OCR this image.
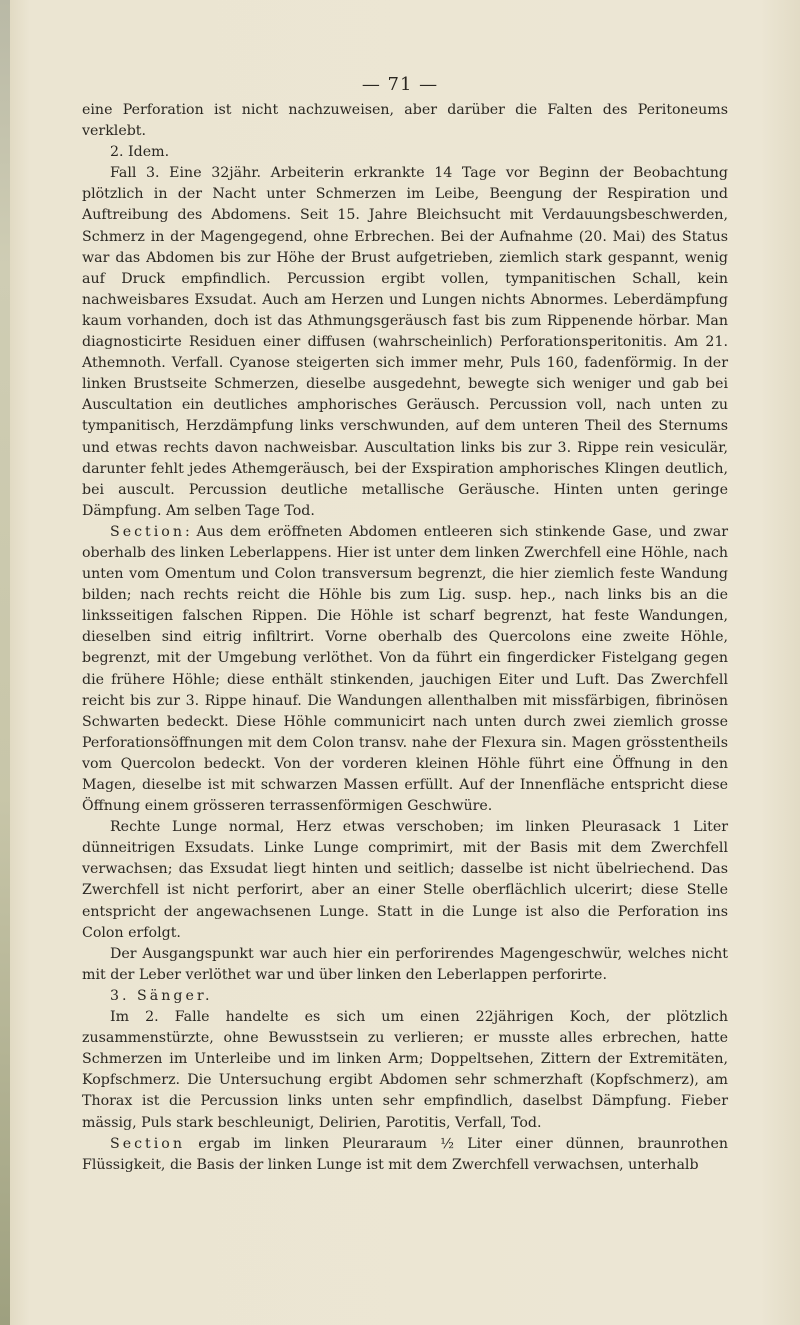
— 71 —

eine Perforation ist nicht nachzuweisen, aber darüber die Falten des Peritoneums verklebt.

2. Idem.

Fall 3. Eine 32jähr. Arbeiterin erkrankte 14 Tage vor Beginn der Beobachtung plötzlich in der Nacht unter Schmerzen im Leibe, Beengung der Respiration und Auftreibung des Abdomens. Seit 15. Jahre Bleichsucht mit Verdauungsbeschwerden, Schmerz in der Magengegend, ohne Erbrechen. Bei der Aufnahme (20. Mai) des Status war das Abdomen bis zur Höhe der Brust aufgetrieben, ziemlich stark gespannt, wenig auf Druck empfindlich. Percussion ergibt vollen, tympanitischen Schall, kein nachweisbares Exsudat. Auch am Herzen und Lungen nichts Abnormes. Leberdämpfung kaum vorhanden, doch ist das Athmungsgeräusch fast bis zum Rippenende hörbar. Man diagnosticirte Residuen einer diffusen (wahrscheinlich) Perforationsperitonitis. Am 21. Athemnoth. Verfall. Cyanose steigerten sich immer mehr, Puls 160, fadenförmig. In der linken Brustseite Schmerzen, dieselbe ausgedehnt, bewegte sich weniger und gab bei Auscultation ein deutliches amphorisches Geräusch. Percussion voll, nach unten zu tympanitisch, Herzdämpfung links verschwunden, auf dem unteren Theil des Sternums und etwas rechts davon nachweisbar. Auscultation links bis zur 3. Rippe rein vesiculär, darunter fehlt jedes Athemgeräusch, bei der Exspiration amphorisches Klingen deutlich, bei auscult. Percussion deutliche metallische Geräusche. Hinten unten geringe Dämpfung. Am selben Tage Tod.

Section: Aus dem eröffneten Abdomen entleeren sich stinkende Gase, und zwar oberhalb des linken Leberlappens. Hier ist unter dem linken Zwerchfell eine Höhle, nach unten vom Omentum und Colon transversum begrenzt, die hier ziemlich feste Wandung bilden; nach rechts reicht die Höhle bis zum Lig. susp. hep., nach links bis an die linksseitigen falschen Rippen. Die Höhle ist scharf begrenzt, hat feste Wandungen, dieselben sind eitrig infiltrirt. Vorne oberhalb des Quercolons eine zweite Höhle, begrenzt, mit der Umgebung verlöthet. Von da führt ein fingerdicker Fistelgang gegen die frühere Höhle; diese enthält stinkenden, jauchigen Eiter und Luft. Das Zwerchfell reicht bis zur 3. Rippe hinauf. Die Wandungen allenthalben mit missfärbigen, fibrinösen Schwarten bedeckt. Diese Höhle communicirt nach unten durch zwei ziemlich grosse Perforationsöffnungen mit dem Colon transv. nahe der Flexura sin. Magen grösstentheils vom Quercolon bedeckt. Von der vorderen kleinen Höhle führt eine Öffnung in den Magen, dieselbe ist mit schwarzen Massen erfüllt. Auf der Innenfläche entspricht diese Öffnung einem grösseren terrassenförmigen Geschwüre.

Rechte Lunge normal, Herz etwas verschoben; im linken Pleurasack 1 Liter dünneitrigen Exsudats. Linke Lunge comprimirt, mit der Basis mit dem Zwerchfell verwachsen; das Exsudat liegt hinten und seitlich; dasselbe ist nicht übelriechend. Das Zwerchfell ist nicht perforirt, aber an einer Stelle oberflächlich ulcerirt; diese Stelle entspricht der angewachsenen Lunge. Statt in die Lunge ist also die Perforation ins Colon erfolgt.

Der Ausgangspunkt war auch hier ein perforirendes Magengeschwür, welches nicht mit der Leber verlöthet war und über linken den Leberlappen perforirte.

3. Sänger.

Im 2. Falle handelte es sich um einen 22jährigen Koch, der plötzlich zusammenstürzte, ohne Bewusstsein zu verlieren; er musste alles erbrechen, hatte Schmerzen im Unterleibe und im linken Arm; Doppeltsehen, Zittern der Extremitäten, Kopfschmerz. Die Untersuchung ergibt Abdomen sehr schmerzhaft (Kopfschmerz), am Thorax ist die Percussion links unten sehr empfindlich, daselbst Dämpfung. Fieber mässig, Puls stark beschleunigt, Delirien, Parotitis, Verfall, Tod.

Section ergab im linken Pleuraraum ½ Liter einer dünnen, braunrothen Flüssigkeit, die Basis der linken Lunge ist mit dem Zwerchfell verwachsen, unterhalb
